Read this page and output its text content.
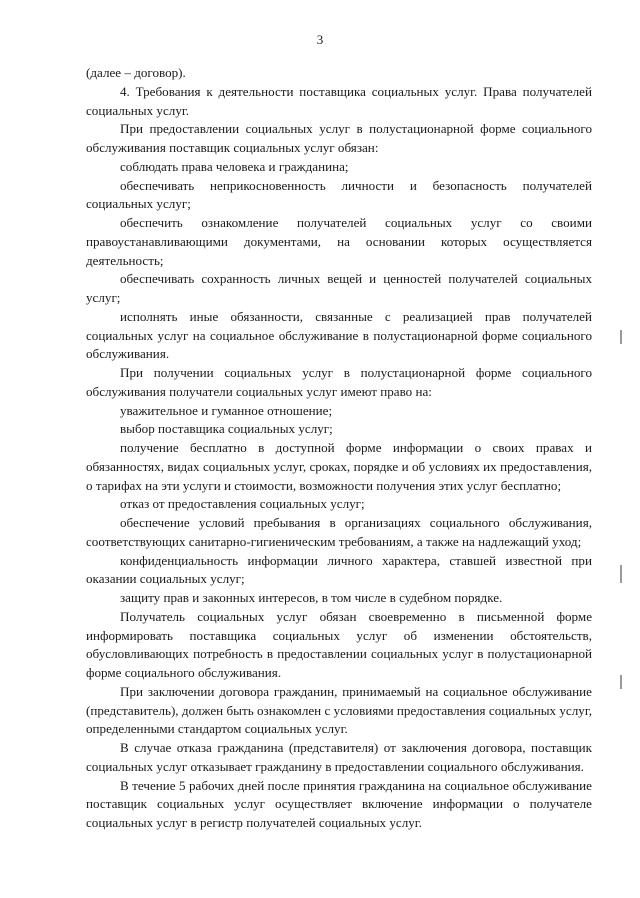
3

(далее – договор).

4. Требования к деятельности поставщика социальных услуг. Права получателей социальных услуг.

При предоставлении социальных услуг в полустационарной форме социального обслуживания поставщик социальных услуг обязан:

соблюдать права человека и гражданина;

обеспечивать неприкосновенность личности и безопасность получателей социальных услуг;

обеспечить ознакомление получателей социальных услуг со своими правоустанавливающими документами, на основании которых осуществляется деятельность;

обеспечивать сохранность личных вещей и ценностей получателей социальных услуг;

исполнять иные обязанности, связанные с реализацией прав получателей социальных услуг на социальное обслуживание в полустационарной форме социального обслуживания.

При получении социальных услуг в полустационарной форме социального обслуживания получатели социальных услуг имеют право на:

уважительное и гуманное отношение;

выбор поставщика социальных услуг;

получение бесплатно в доступной форме информации о своих правах и обязанностях, видах социальных услуг, сроках, порядке и об условиях их предоставления, о тарифах на эти услуги и стоимости, возможности получения этих услуг бесплатно;

отказ от предоставления социальных услуг;

обеспечение условий пребывания в организациях социального обслуживания, соответствующих санитарно-гигиеническим требованиям, а также на надлежащий уход;

конфиденциальность информации личного характера, ставшей известной при оказании социальных услуг;

защиту прав и законных интересов, в том числе в судебном порядке.

Получатель социальных услуг обязан своевременно в письменной форме информировать поставщика социальных услуг об изменении обстоятельств, обусловливающих потребность в предоставлении социальных услуг в полустационарной форме социального обслуживания.

При заключении договора гражданин, принимаемый на социальное обслуживание (представитель), должен быть ознакомлен с условиями предоставления социальных услуг, определенными стандартом социальных услуг.

В случае отказа гражданина (представителя) от заключения договора, поставщик социальных услуг отказывает гражданину в предоставлении социального обслуживания.

В течение 5 рабочих дней после принятия гражданина на социальное обслуживание поставщик социальных услуг осуществляет включение информации о получателе социальных услуг в регистр получателей социальных услуг.
